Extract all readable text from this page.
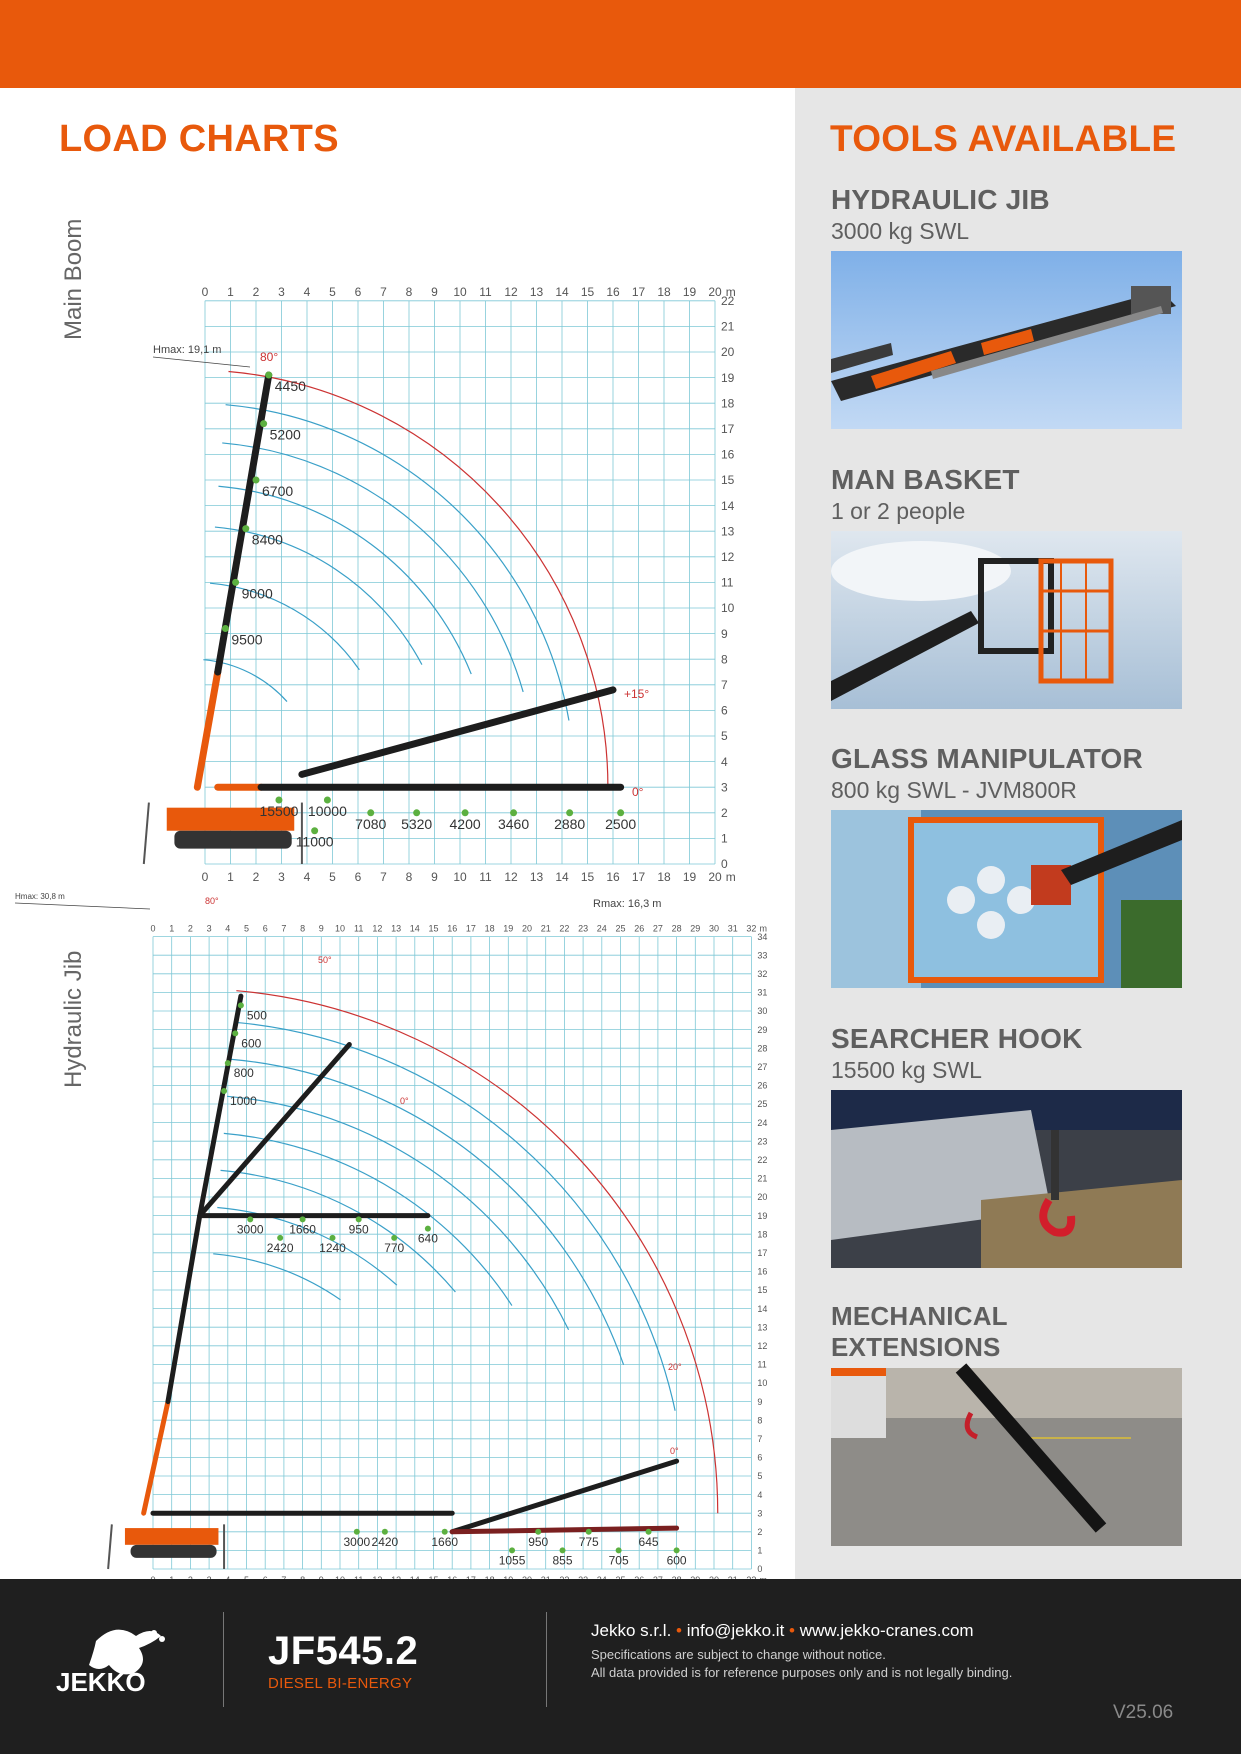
LOAD CHARTS
Main Boom
Hydraulic Jib
0
0
1
1
2
2
3
3
4
4
5
5
6
6
7
7
8
8
9
9
10
10
11
11
12
12
13
13
14
14
15
15
16
16
17
17
18
18
19
19
20
20
m
m
0
1
2
3
4
5
6
7
8
9
10
11
12
13
14
15
16
17
18
19
20
21
22
4450
5200
6700
8400
9000
9500
15500 10000
11000
7080 5320 4200 3460 2880 2500
Hmax: 19,1 m
Rmax: 16,3 m
80°
+15°
0°
0 1 2 3 4 5 6 7 8 9 10 11 12 13 14 15 16 17 18 19 20 21 22 23 24 25 26 27 28 29 30 31 32 m
0
1
2
3
4
5
6
7
8
9
10
11
12
13
14
15
16
17
18
19
20
21
22
23
24
25
26
27
28
29
30
31
32
33
34
500
600
800
1000
3000
2420
1660
1240
950
770
640
3000 2420	1660
1055
950
855
775
705
645
600
Hmax: 30,8 m	80°
50°
0°
20°
0°
TOOLS AVAILABLE
HYDRAULIC JIB
3000 kg SWL
MAN BASKET
1 or 2 people
GLASS MANIPULATOR
800 kg SWL - JVM800R
SEARCHER HOOK
15500 kg SWL
MECHANICAL EXTENSIONS
JEKKO
JF545.2
DIESEL BI-ENERGY
Jekko s.r.l. • info@jekko.it • www.jekko-cranes.com
Specifications are subject to change without notice.
All data provided is for reference purposes only and is not legally binding.
V25.06
